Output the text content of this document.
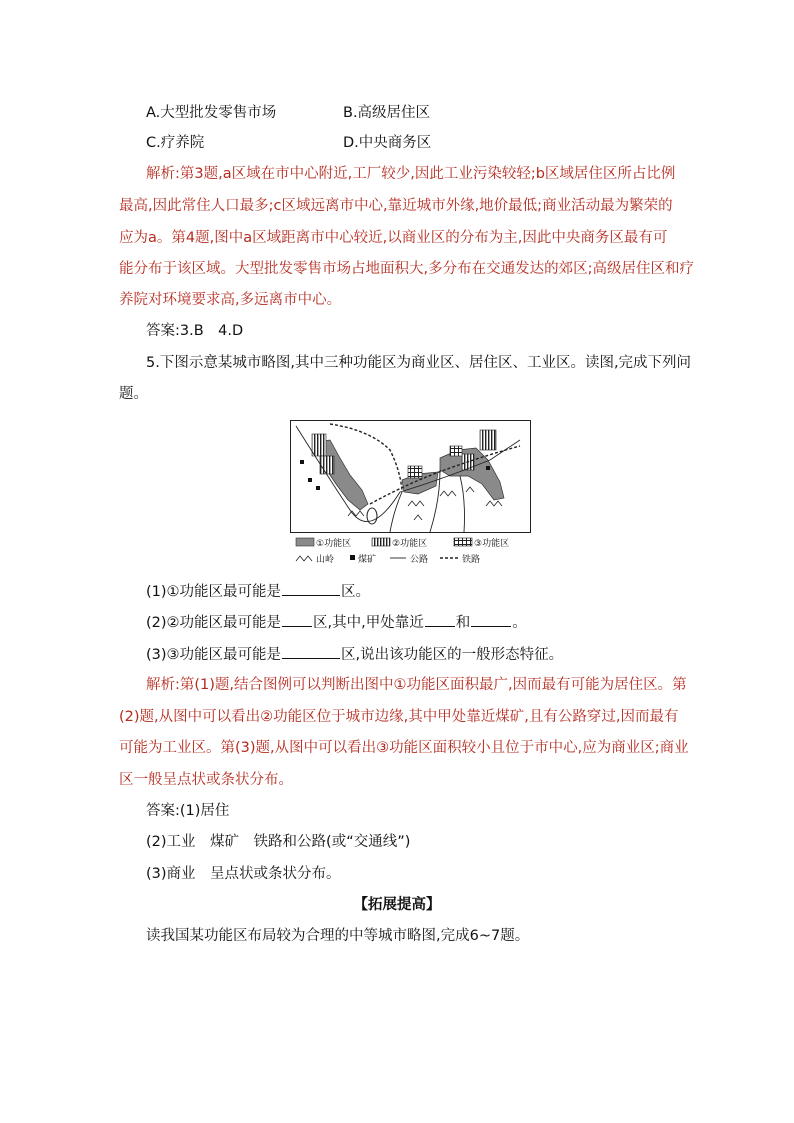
A.大型批发零售市场	B.高级居住区
C.疗养院	D.中央商务区
解析:第3题,a区域在市中心附近,工厂较少,因此工业污染较轻;b区域居住区所占比例
最高,因此常住人口最多;c区域远离市中心,靠近城市外缘,地价最低;商业活动最为繁荣的
应为a。第4题,图中a区域距离市中心较近,以商业区的分布为主,因此中央商务区最有可
能分布于该区域。大型批发零售市场占地面积大,多分布在交通发达的郊区;高级居住区和疗
养院对环境要求高,多远离市中心。
答案:3.B　4.D
5.下图示意某城市略图,其中三种功能区为商业区、居住区、工业区。读图,完成下列问
题。
①功能区	②功能区	③功能区
山岭	煤矿	公路	铁路
(1)①功能区最可能是	区。
(2)②功能区最可能是 区,其中,甲处靠近 和	。
(3)③功能区最可能是	区,说出该功能区的一般形态特征。
解析:第(1)题,结合图例可以判断出图中①功能区面积最广,因而最有可能为居住区。第
(2)题,从图中可以看出②功能区位于城市边缘,其中甲处靠近煤矿,且有公路穿过,因而最有
可能为工业区。第(3)题,从图中可以看出③功能区面积较小且位于市中心,应为商业区;商业
区一般呈点状或条状分布。
答案:(1)居住
(2)工业　煤矿　铁路和公路(或“交通线”)
(3)商业　呈点状或条状分布。
【拓展提高】
读我国某功能区布局较为合理的中等城市略图,完成6~7题。
